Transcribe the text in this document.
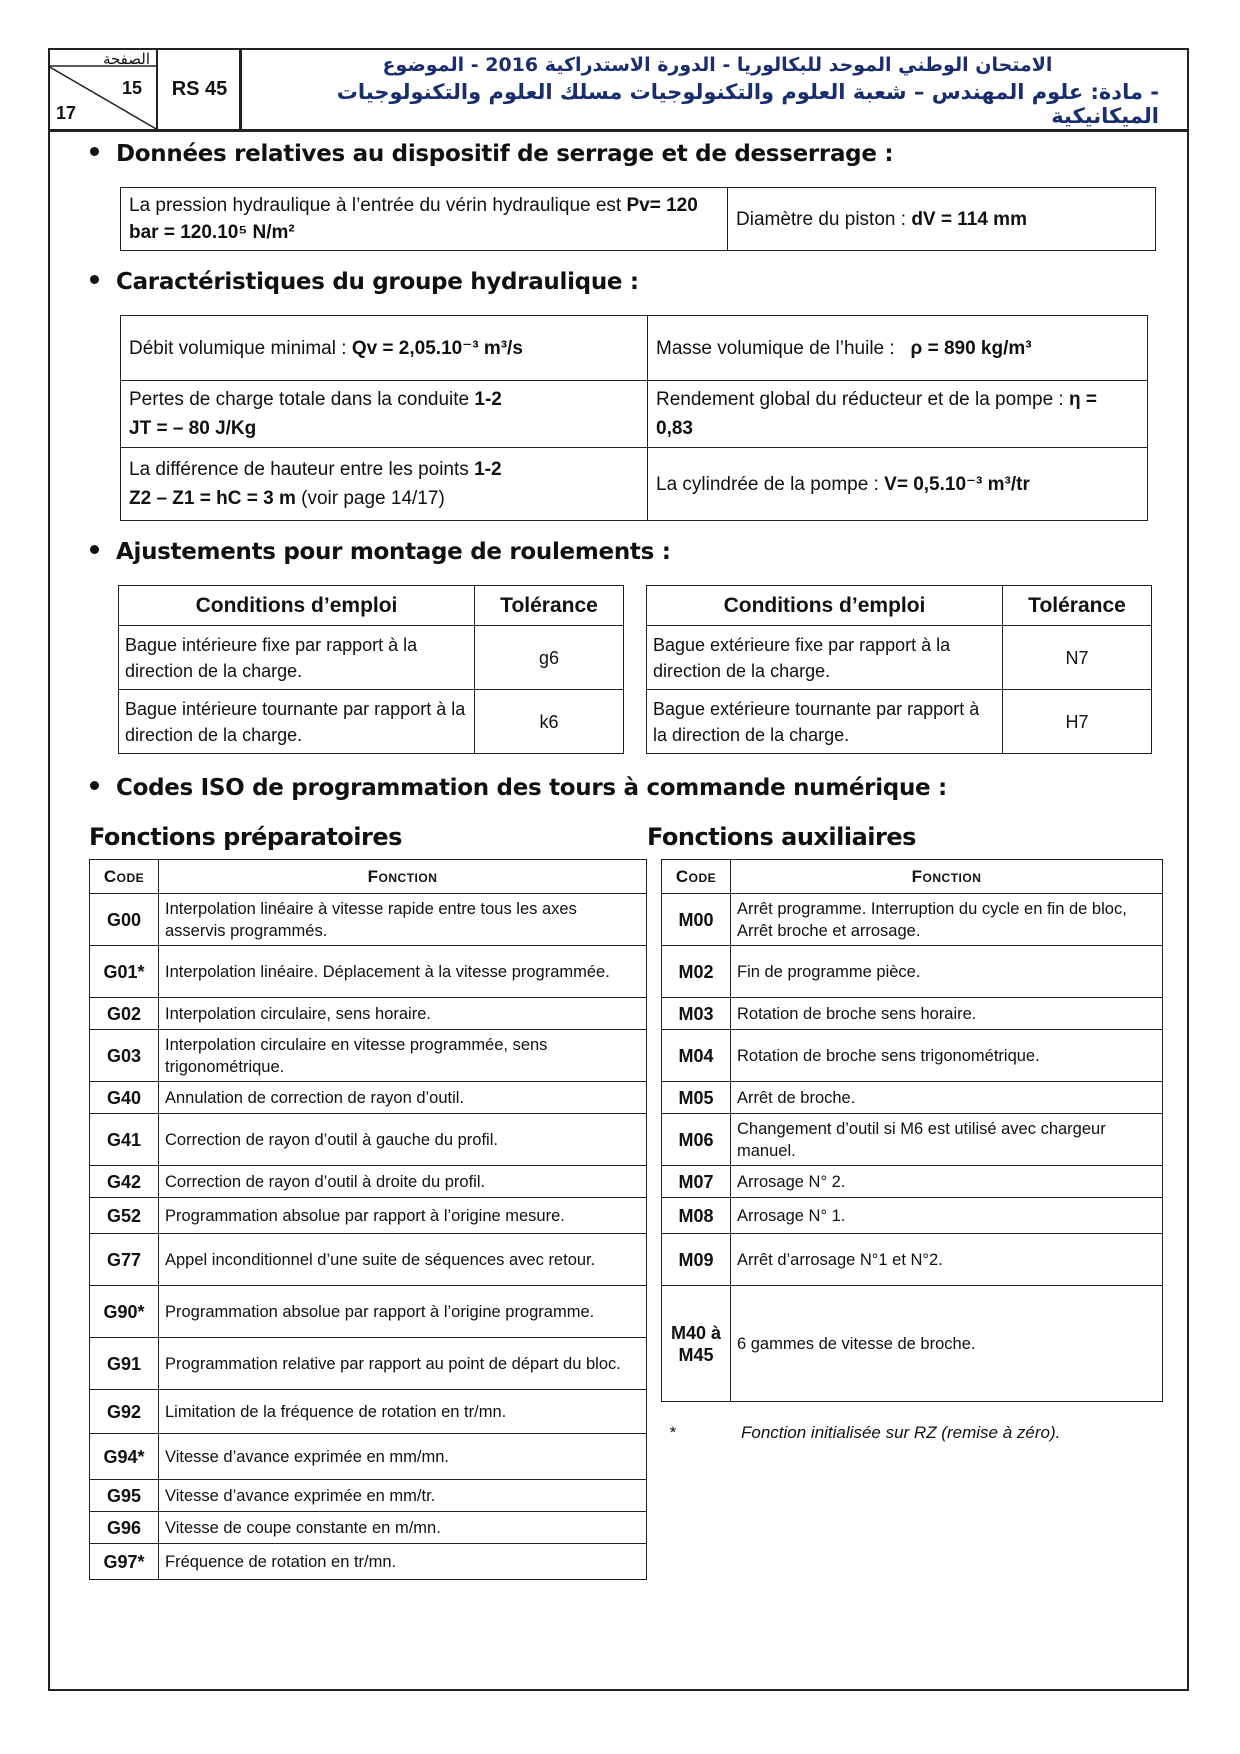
الصفحة
15
17
RS 45
الامتحان الوطني الموحد للبكالوريا - الدورة الاستدراكية 2016 - الموضوع
- مادة: علوم المهندس – شعبة العلوم والتكنولوجيات مسلك العلوم والتكنولوجيات الميكانيكية
Données relatives au dispositif de serrage et de desserrage :
La pression hydraulique à l’entrée du vérin hydraulique est Pv= 120 bar = 120.10⁵ N/m²	Diamètre du piston : dV = 114 mm
Caractéristiques du groupe hydraulique :
Débit volumique minimal : Qv = 2,05.10⁻³ m³/s	Masse volumique de l’huile : ρ = 890 kg/m³
Pertes de charge totale dans la conduite 1-2
JT = – 80 J/Kg	Rendement global du réducteur et de la pompe : η = 0,83
La différence de hauteur entre les points 1-2
Z2 – Z1 = hC = 3 m (voir page 14/17)	La cylindrée de la pompe : V= 0,5.10⁻³ m³/tr
Ajustements pour montage de roulements :
Conditions d’emploi	Tolérance
Bague intérieure fixe par rapport à la direction de la charge.	g6
Bague intérieure tournante par rapport à la direction de la charge.	k6
Conditions d’emploi	Tolérance
Bague extérieure fixe par rapport à la direction de la charge.	N7
Bague extérieure tournante par rapport à la direction de la charge.	H7
Codes ISO de programmation des tours à commande numérique :
Fonctions préparatoires	Fonctions auxiliaires
Code	Fonction
G00	Interpolation linéaire à vitesse rapide entre tous les axes asservis programmés.
G01*	Interpolation linéaire. Déplacement à la vitesse programmée.
G02	Interpolation circulaire, sens horaire.
G03	Interpolation circulaire en vitesse programmée, sens trigonométrique.
G40	Annulation de correction de rayon d’outil.
G41	Correction de rayon d’outil à gauche du profil.
G42	Correction de rayon d’outil à droite du profil.
G52	Programmation absolue par rapport à l’origine mesure.
G77	Appel inconditionnel d’une suite de séquences avec retour.
G90*	Programmation absolue par rapport à l’origine programme.
G91	Programmation relative par rapport au point de départ du bloc.
G92	Limitation de la fréquence de rotation en tr/mn.
G94*	Vitesse d’avance exprimée en mm/mn.
G95	Vitesse d’avance exprimée en mm/tr.
G96	Vitesse de coupe constante en m/mn.
G97*	Fréquence de rotation en tr/mn.
Code	Fonction
M00	Arrêt programme. Interruption du cycle en fin de bloc, Arrêt broche et arrosage.
M02	Fin de programme pièce.
M03	Rotation de broche sens horaire.
M04	Rotation de broche sens trigonométrique.
M05	Arrêt de broche.
M06	Changement d’outil si M6 est utilisé avec chargeur manuel.
M07	Arrosage N° 2.
M08	Arrosage N° 1.
M09	Arrêt d’arrosage N°1 et N°2.
M40 à M45	6 gammes de vitesse de broche.
*	Fonction initialisée sur RZ (remise à zéro).
